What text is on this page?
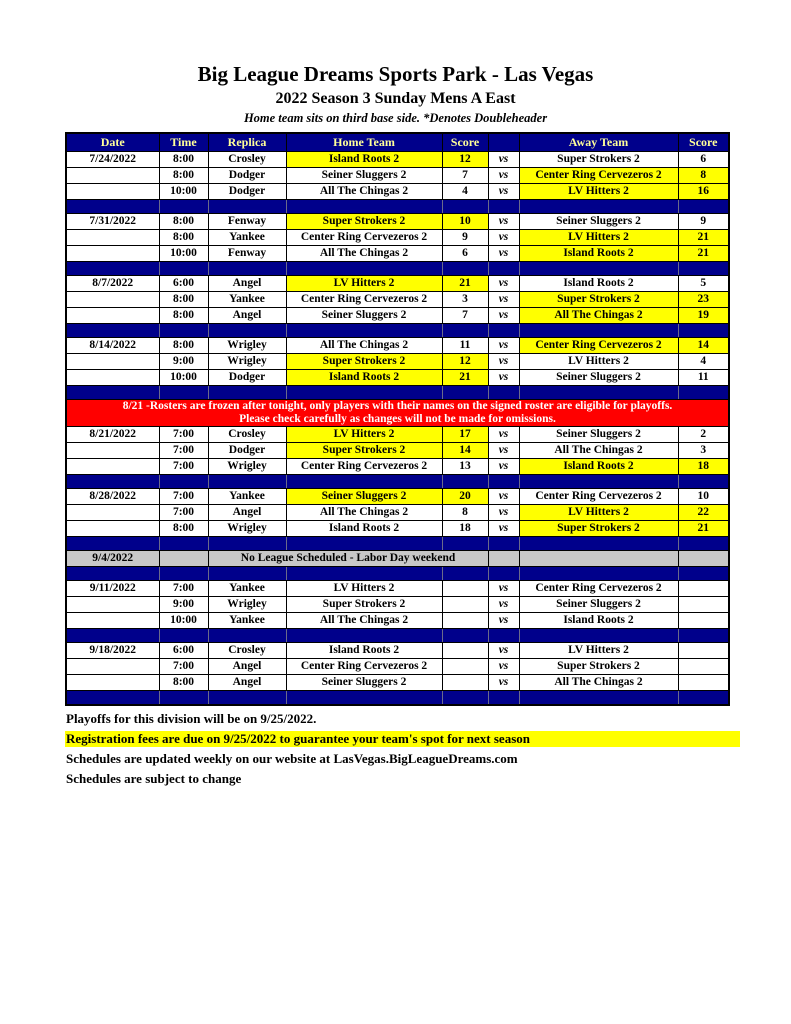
Big League Dreams Sports Park - Las Vegas
2022 Season 3 Sunday Mens A East
Home team sits on third base side. *Denotes Doubleheader
Date	Time	Replica	Home Team	Score		Away Team	Score
7/24/2022	8:00	Crosley	Island Roots 2	12	vs	Super Strokers 2	6
	8:00	Dodger	Seiner Sluggers 2	7	vs	Center Ring Cervezeros 2	8
	10:00	Dodger	All The Chingas 2	4	vs	LV Hitters 2	16

7/31/2022	8:00	Fenway	Super Strokers 2	10	vs	Seiner Sluggers 2	9
	8:00	Yankee	Center Ring Cervezeros 2	9	vs	LV Hitters 2	21
	10:00	Fenway	All The Chingas 2	6	vs	Island Roots 2	21

8/7/2022	6:00	Angel	LV Hitters 2	21	vs	Island Roots 2	5
	8:00	Yankee	Center Ring Cervezeros 2	3	vs	Super Strokers 2	23
	8:00	Angel	Seiner Sluggers 2	7	vs	All The Chingas 2	19

8/14/2022	8:00	Wrigley	All The Chingas 2	11	vs	Center Ring Cervezeros 2	14
	9:00	Wrigley	Super Strokers 2	12	vs	LV Hitters 2	4
	10:00	Dodger	Island Roots 2	21	vs	Seiner Sluggers 2	11

8/21 -Rosters are frozen after tonight, only players with their names on the signed roster are eligible for playoffs.
Please check carefully as changes will not be made for omissions.							

8/21/2022	7:00	Crosley	LV Hitters 2	17	vs	Seiner Sluggers 2	2
	7:00	Dodger	Super Strokers 2	14	vs	All The Chingas 2	3
	7:00	Wrigley	Center Ring Cervezeros 2	13	vs	Island Roots 2	18

8/28/2022	7:00	Yankee	Seiner Sluggers 2	20	vs	Center Ring Cervezeros 2	10
	7:00	Angel	All The Chingas 2	8	vs	LV Hitters 2	22
	8:00	Wrigley	Island Roots 2	18	vs	Super Strokers 2	21

9/4/2022		No League Scheduled - Labor Day weekend					

9/11/2022	7:00	Yankee	LV Hitters 2		vs	Center Ring Cervezeros 2	
	9:00	Wrigley	Super Strokers 2		vs	Seiner Sluggers 2	
	10:00	Yankee	All The Chingas 2		vs	Island Roots 2	

9/18/2022	6:00	Crosley	Island Roots 2		vs	LV Hitters 2	
	7:00	Angel	Center Ring Cervezeros 2		vs	Super Strokers 2	
	8:00	Angel	Seiner Sluggers 2		vs	All The Chingas 2	

Playoffs for this division will be on 9/25/2022.
Registration fees are due on 9/25/2022 to guarantee your team's spot for next season
Schedules are updated weekly on our website at LasVegas.BigLeagueDreams.com
Schedules are subject to change
